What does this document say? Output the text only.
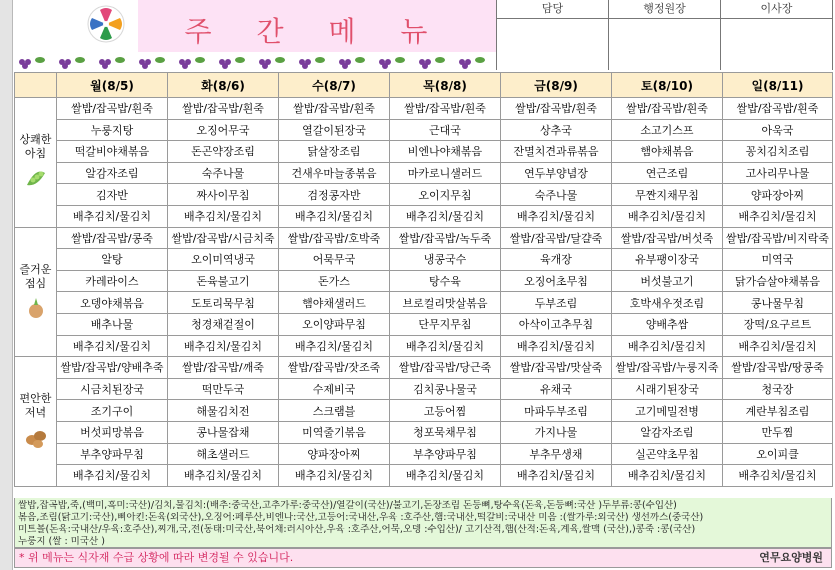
주 간 메 뉴
담당	행정원장	이사장
	월(8/5)	화(8/6)	수(8/7)	목(8/8)	금(8/9)	토(8/10)	일(8/11)

상쾌한
아침	쌀밥/잡곡밥/흰죽	쌀밥/잡곡밥/흰죽	쌀밥/잡곡밥/흰죽	쌀밥/잡곡밥/흰죽	쌀밥/잡곡밥/흰죽	쌀밥/잡곡밥/흰죽	쌀밥/잡곡밥/흰죽
	누룽지탕	오징어무국	열갈이된장국	근대국	상추국	소고기스프	아욱국
	떡갈비야채볶음	돈곤약장조림	닭살장조림	비엔나야채볶음	잔멸치견과류볶음	햄야채볶음	꽁치김치조림
	알감자조림	숙주나물	건새우마늘종볶음	마카로니샐러드	연두부양념장	연근조림	고사리무나물
	김자반	짜사이무침	검정콩자반	오이지무침	숙주나물	무짠지채무침	양파장아찌
	배추김치/물김치	배추김치/물김치	배추김치/물김치	배추김치/물김치	배추김치/물김치	배추김치/물김치	배추김치/물김치

즐거운
점심	쌀밥/잡곡밥/콩죽	쌀밥/잡곡밥/시금치죽	쌀밥/잡곡밥/호박죽	쌀밥/잡곡밥/녹두죽	쌀밥/잡곡밥/달걀죽	쌀밥/잡곡밥/버섯죽	쌀밥/잡곡밥/비지락죽
	알탕	오이미역냉국	어묵무국	냉콩국수	육개장	유부팽이장국	미역국
	카레라이스	돈육불고기	돈가스	탕수육	오징어초무침	버섯불고기	닭가슴살야채볶음
	오뎅야채볶음	도토리묵무침	햄야채샐러드	브로컬리맛살볶음	두부조림	호박새우젓조림	콩나물무침
	배추나물	청경채겉절이	오이양파무침	단무지무침	아삭이고추무침	양배추쌈	장떡/요구르트
	배추김치/물김치	배추김치/물김치	배추김치/물김치	배추김치/물김치	배추김치/물김치	배추김치/물김치	배추김치/물김치

편안한
저녁	쌀밥/잡곡밥/양배추죽	쌀밥/잡곡밥/깨죽	쌀밥/잡곡밥/잣조죽	쌀밥/잡곡밥/당근죽	쌀밥/잡곡밥/맛살죽	쌀밥/잡곡밥/누룽지죽	쌀밥/잡곡밥/땅콩죽
	시금치된장국	떡만두국	수제비국	김치콩나물국	유채국	시래기된장국	청국장
	조기구이	해물김치전	스크램블	고등어찜	마파두부조림	고기메밀전병	계란부침조림
	버섯피망볶음	콩나물잡채	미역줄기볶음	청포묵채무침	가지나물	알감자조림	만두찜
	부추양파무침	해초샐러드	양파장아찌	부추양파무침	부추무생채	실곤약초무침	오이피클
	배추김치/물김치	배추김치/물김치	배추김치/물김치	배추김치/물김치	배추김치/물김치	배추김치/물김치	배추김치/물김치
쌀밥,잡곡밥,죽,(백미,흑미:국산)/김치,물김치:(배추:중국산,고추가루:중국산)/열갈이(국산)/불고기,돈장조림 돈등뼈,탕수육(돈육,돈등뼈:국산 )두부류:콩(수입산)
볶음,조림(닭고기:국산),삐아킨:돈육(외국산),오징어:페루산,비엔나:국산,고등어:국내산,우육 :호주산,햄:국내산,떡갈비:국내산 미음 :(쌀가루:외국산) 생선까스(중국산)
미트볼(돈육:국내산/우육:호주산),찌개,국,전(동태:미국산,북어채:러시아산,우육 :호주산,어묵,오뎅 :수입산)/ 고기산적,햄(산적:돈육,계육,쌀맥 (국산),)콩죽 :콩(국산)
누룽지 (쌀 : 미국산 )
* 위 메뉴는 식자재 수급 상황에 따라 변경될 수 있습니다.	연무요양병원
